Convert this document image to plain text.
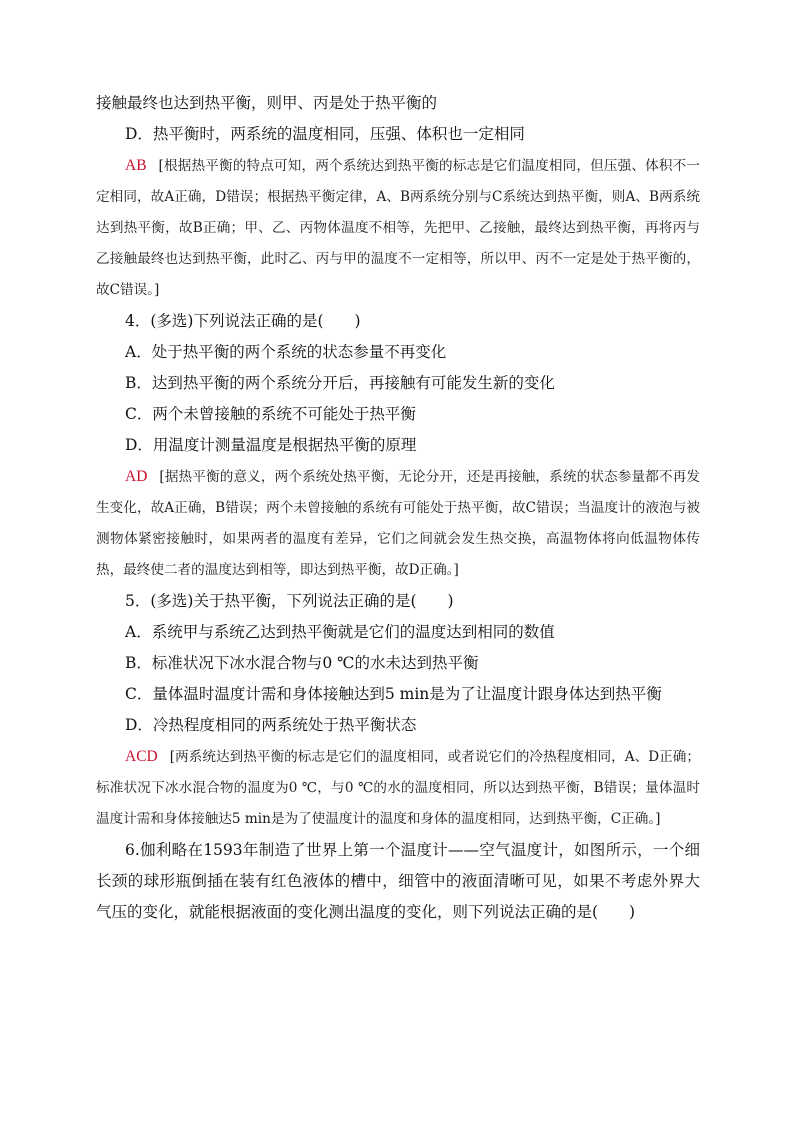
接触最终也达到热平衡，则甲、丙是处于热平衡的

D．热平衡时，两系统的温度相同，压强、体积也一定相同

AB [根据热平衡的特点可知，两个系统达到热平衡的标志是它们温度相同，但压强、体积不一定相同，故A正确，D错误；根据热平衡定律，A、B两系统分别与C系统达到热平衡，则A、B两系统达到热平衡，故B正确；甲、乙、丙物体温度不相等，先把甲、乙接触，最终达到热平衡，再将丙与乙接触最终也达到热平衡，此时乙、丙与甲的温度不一定相等，所以甲、丙不一定是处于热平衡的，故C错误。]

4．(多选)下列说法正确的是(　　)

A．处于热平衡的两个系统的状态参量不再变化

B．达到热平衡的两个系统分开后，再接触有可能发生新的变化

C．两个未曾接触的系统不可能处于热平衡

D．用温度计测量温度是根据热平衡的原理

AD [据热平衡的意义，两个系统处热平衡，无论分开，还是再接触，系统的状态参量都不再发生变化，故A正确，B错误；两个未曾接触的系统有可能处于热平衡，故C错误；当温度计的液泡与被测物体紧密接触时，如果两者的温度有差异，它们之间就会发生热交换，高温物体将向低温物体传热，最终使二者的温度达到相等，即达到热平衡，故D正确。]

5．(多选)关于热平衡，下列说法正确的是(　　)

A．系统甲与系统乙达到热平衡就是它们的温度达到相同的数值

B．标准状况下冰水混合物与0 ℃的水未达到热平衡

C．量体温时温度计需和身体接触达到5 min是为了让温度计跟身体达到热平衡

D．冷热程度相同的两系统处于热平衡状态

ACD [两系统达到热平衡的标志是它们的温度相同，或者说它们的冷热程度相同，A、D正确；标准状况下冰水混合物的温度为0 ℃，与0 ℃的水的温度相同，所以达到热平衡，B错误；量体温时温度计需和身体接触达5 min是为了使温度计的温度和身体的温度相同，达到热平衡，C正确。]

6.伽利略在1593年制造了世界上第一个温度计——空气温度计，如图所示，一个细长颈的球形瓶倒插在装有红色液体的槽中，细管中的液面清晰可见，如果不考虑外界大气压的变化，就能根据液面的变化测出温度的变化，则下列说法正确的是(　　)
